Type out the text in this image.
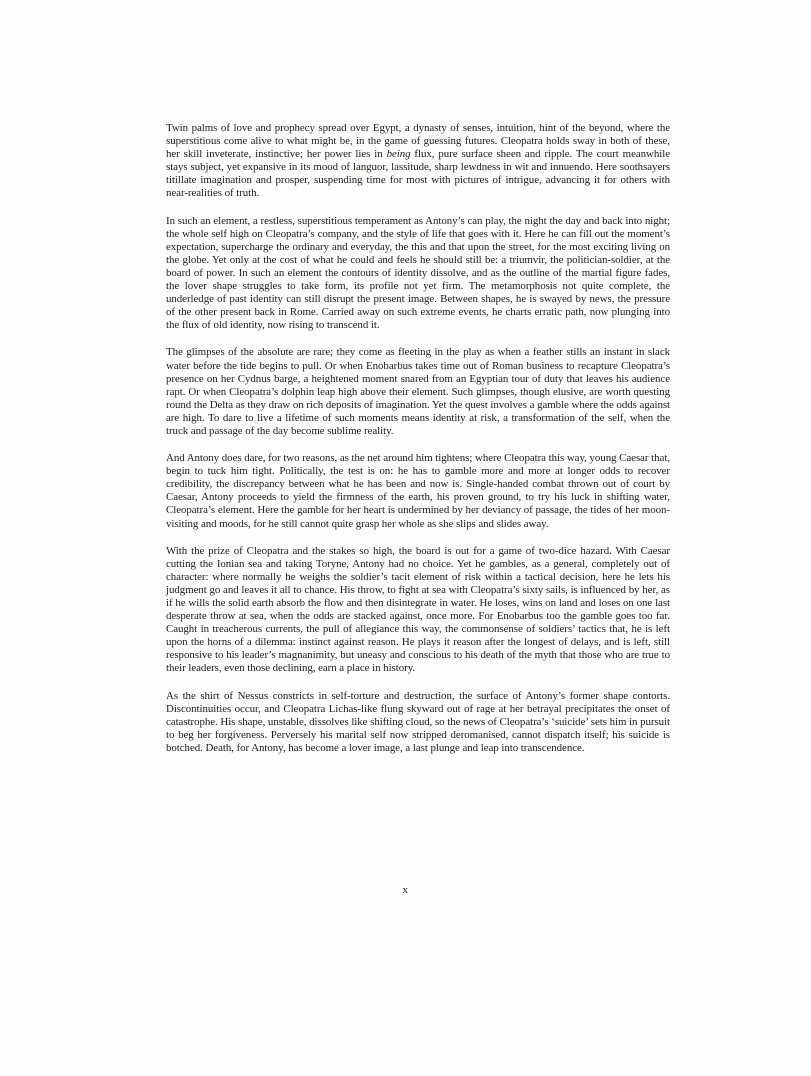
Twin palms of love and prophecy spread over Egypt, a dynasty of senses, intuition, hint of the beyond, where the superstitious come alive to what might be, in the game of guessing futures. Cleopatra holds sway in both of these, her skill inveterate, instinctive; her power lies in being flux, pure surface sheen and ripple. The court meanwhile stays subject, yet expansive in its mood of languor, lassitude, sharp lewdness in wit and innuendo. Here soothsayers titillate imagination and prosper, suspending time for most with pictures of intrigue, advancing it for others with near-realities of truth.

In such an element, a restless, superstitious temperament as Antony’s can play, the night the day and back into night; the whole self high on Cleopatra’s company, and the style of life that goes with it. Here he can fill out the moment’s expectation, supercharge the ordinary and everyday, the this and that upon the street, for the most exciting living on the globe. Yet only at the cost of what he could and feels he should still be: a triumvir, the politician-soldier, at the board of power. In such an element the contours of identity dissolve, and as the outline of the martial figure fades, the lover shape struggles to take form, its profile not yet firm. The metamorphosis not quite complete, the underledge of past identity can still disrupt the present image. Between shapes, he is swayed by news, the pressure of the other present back in Rome. Carried away on such extreme events, he charts erratic path, now plunging into the flux of old identity, now rising to transcend it.

The glimpses of the absolute are rare; they come as fleeting in the play as when a feather stills an instant in slack water before the tide begins to pull. Or when Enobarbus takes time out of Roman business to recapture Cleopatra’s presence on her Cydnus barge, a heightened moment snared from an Egyptian tour of duty that leaves his audience rapt. Or when Cleopatra’s dolphin leap high above their element. Such glimpses, though elusive, are worth questing round the Delta as they draw on rich deposits of imagination. Yet the quest involves a gamble where the odds against are high. To dare to live a lifetime of such moments means identity at risk, a transformation of the self, when the truck and passage of the day become sublime reality.

And Antony does dare, for two reasons, as the net around him tightens; where Cleopatra this way, young Caesar that, begin to tuck him tight. Politically, the test is on: he has to gamble more and more at longer odds to recover credibility, the discrepancy between what he has been and now is. Single-handed combat thrown out of court by Caesar, Antony proceeds to yield the firmness of the earth, his proven ground, to try his luck in shifting water, Cleopatra’s element. Here the gamble for her heart is undermined by her deviancy of passage, the tides of her moon-visiting and moods, for he still cannot quite grasp her whole as she slips and slides away.

With the prize of Cleopatra and the stakes so high, the board is out for a game of two-dice hazard. With Caesar cutting the Ionian sea and taking Toryne, Antony had no choice. Yet he gambles, as a general, completely out of character: where normally he weighs the soldier’s tacit element of risk within a tactical decision, here he lets his judgment go and leaves it all to chance. His throw, to fight at sea with Cleopatra’s sixty sails, is influenced by her, as if he wills the solid earth absorb the flow and then disintegrate in water. He loses, wins on land and loses on one last desperate throw at sea, when the odds are stacked against, once more. For Enobarbus too the gamble goes too far. Caught in treacherous currents, the pull of allegiance this way, the commonsense of soldiers’ tactics that, he is left upon the horns of a dilemma: instinct against reason. He plays it reason after the longest of delays, and is left, still responsive to his leader’s magnanimity, but uneasy and conscious to his death of the myth that those who are true to their leaders, even those declining, earn a place in history.

As the shirt of Nessus constricts in self-torture and destruction, the surface of Antony’s former shape contorts. Discontinuities occur, and Cleopatra Lichas-like flung skyward out of rage at her betrayal precipitates the onset of catastrophe. His shape, unstable, dissolves like shifting cloud, so the news of Cleopatra’s ‘suicide’ sets him in pursuit to beg her forgiveness. Perversely his marital self now stripped deromanised, cannot dispatch itself; his suicide is botched. Death, for Antony, has become a lover image, a last plunge and leap into transcendence.

x
